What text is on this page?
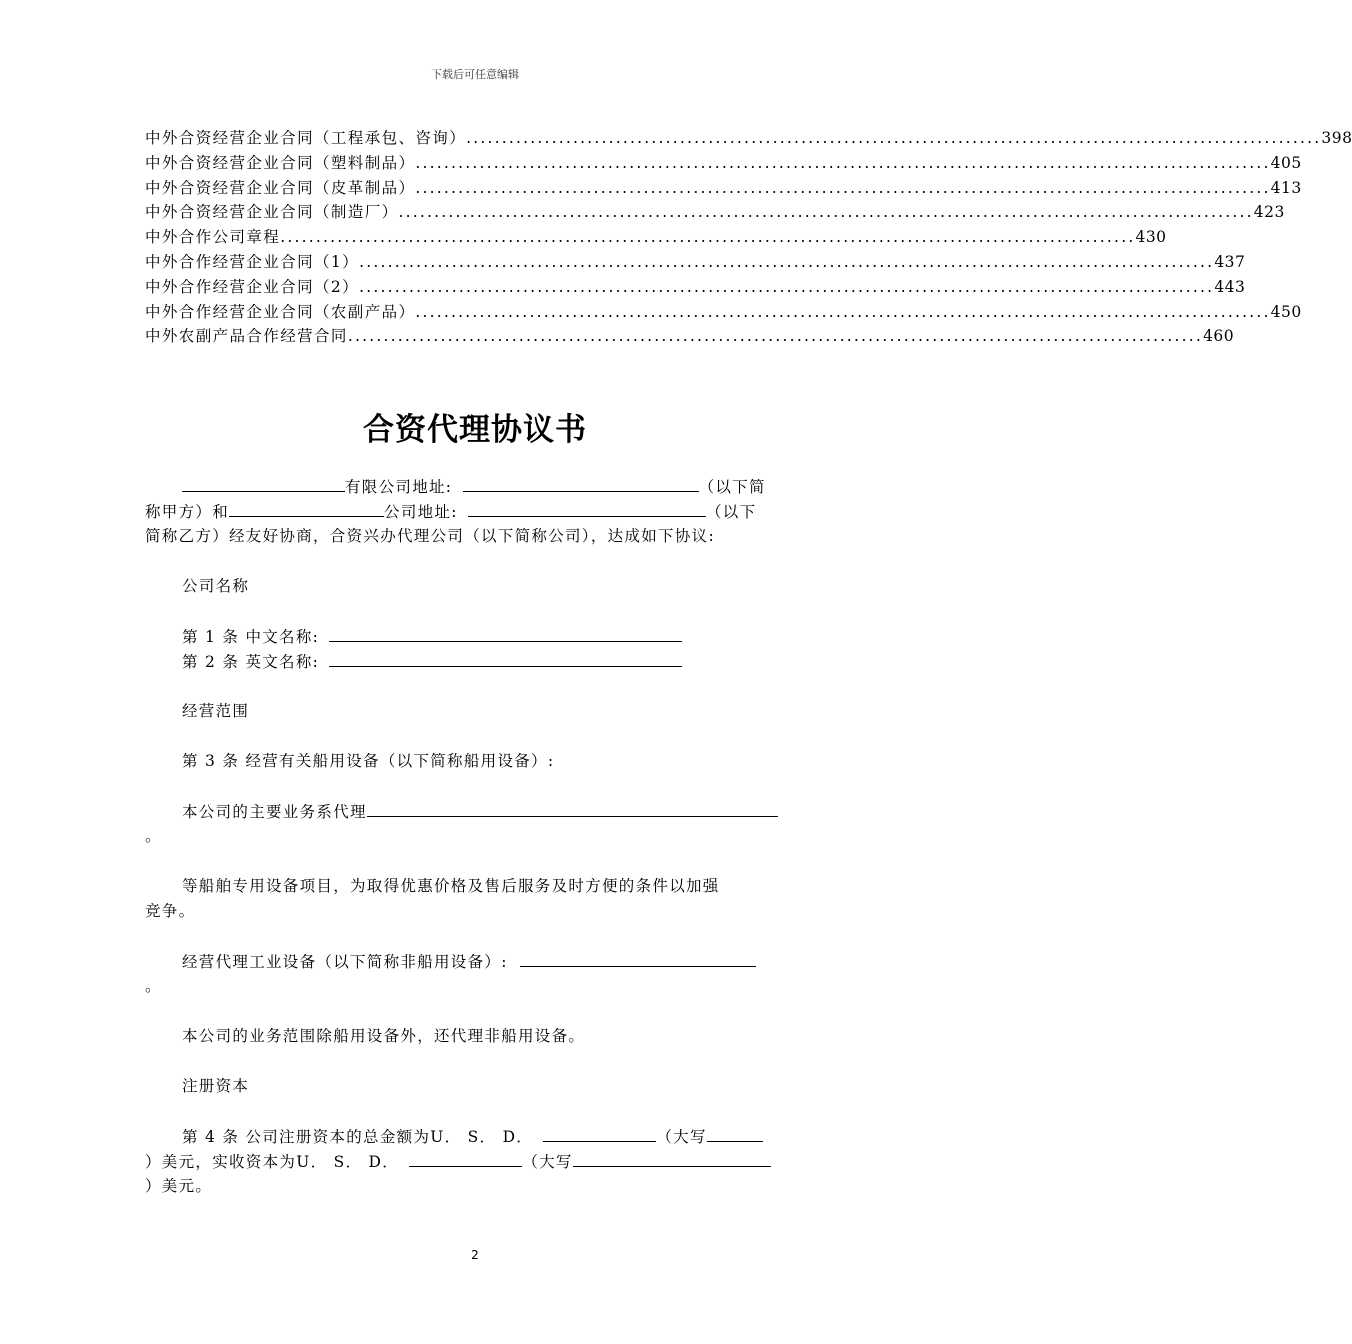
下载后可任意编辑
中外合资经营企业合同（工程承包、咨询） ........................................................................................................................ 398
中外合资经营企业合同（塑料制品） ........................................................................................................................ 405
中外合资经营企业合同（皮革制品） ........................................................................................................................ 413
中外合资经营企业合同（制造厂） ........................................................................................................................ 423
中外合作公司章程 ........................................................................................................................ 430
中外合作经营企业合同（1） ........................................................................................................................ 437
中外合作经营企业合同（2） ........................................................................................................................ 443
中外合作经营企业合同（农副产品） ........................................................................................................................ 450
中外农副产品合作经营合同 ........................................................................................................................ 460
合资代理协议书
有限公司地址:	（以下简
称甲方）和	公司地址:	（以下
简称乙方）经友好协商，合资兴办代理公司（以下简称公司），达成如下协议:
公司名称
第 1 条 中文名称:
第 2 条 英文名称:
经营范围
第 3 条 经营有关船用设备（以下简称船用设备）:
本公司的主要业务系代理
。
等船舶专用设备项目，为取得优惠价格及售后服务及时方便的条件以加强
竞争。
经营代理工业设备（以下简称非船用设备）:
。
本公司的业务范围除船用设备外，还代理非船用设备。
注册资本
第 4 条 公司注册资本的总金额为U． S． D．	（大写
）美元，实收资本为U． S． D．	（大写
）美元。
2
